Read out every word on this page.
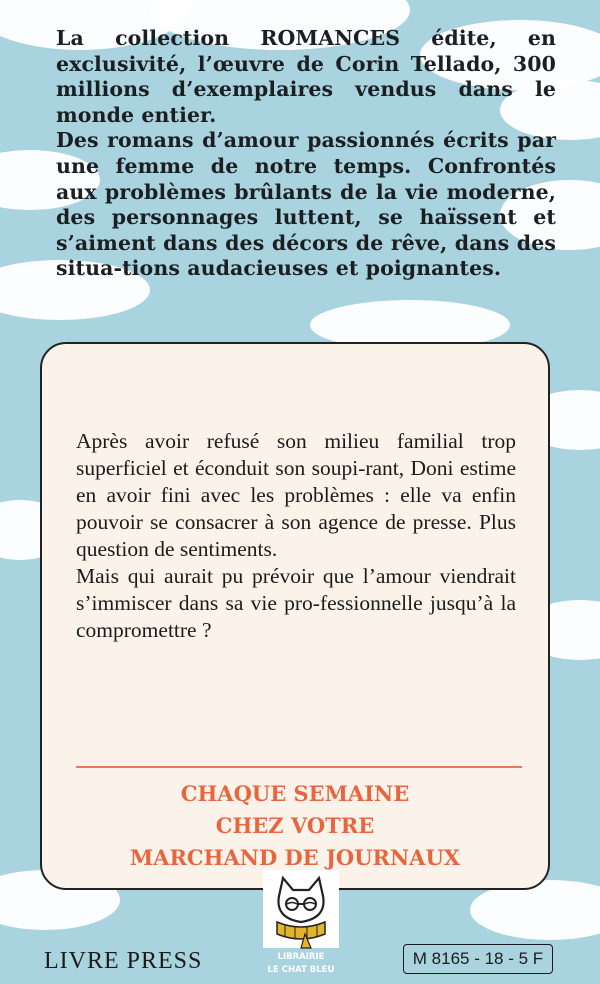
La collection ROMANCES édite, en exclusivité, l’œuvre de Corin Tellado, 300 millions d’exemplaires vendus dans le monde entier.

Des romans d’amour passionnés écrits par une femme de notre temps. Confrontés aux problèmes brûlants de la vie moderne, des personnages luttent, se haïssent et s’aiment dans des décors de rêve, dans des situa-tions audacieuses et poignantes.

Après avoir refusé son milieu familial trop superficiel et éconduit son soupi-rant, Doni estime en avoir fini avec les problèmes : elle va enfin pouvoir se consacrer à son agence de presse. Plus question de sentiments.

Mais qui aurait pu prévoir que l’amour viendrait s’immiscer dans sa vie pro-fessionnelle jusqu’à la compromettre ?

CHAQUE SEMAINE
CHEZ VOTRE
MARCHAND DE JOURNAUX
LIVRE PRESS	M 8165 - 18 - 5 F
LIBRAIRIE
LE CHAT BLEU
